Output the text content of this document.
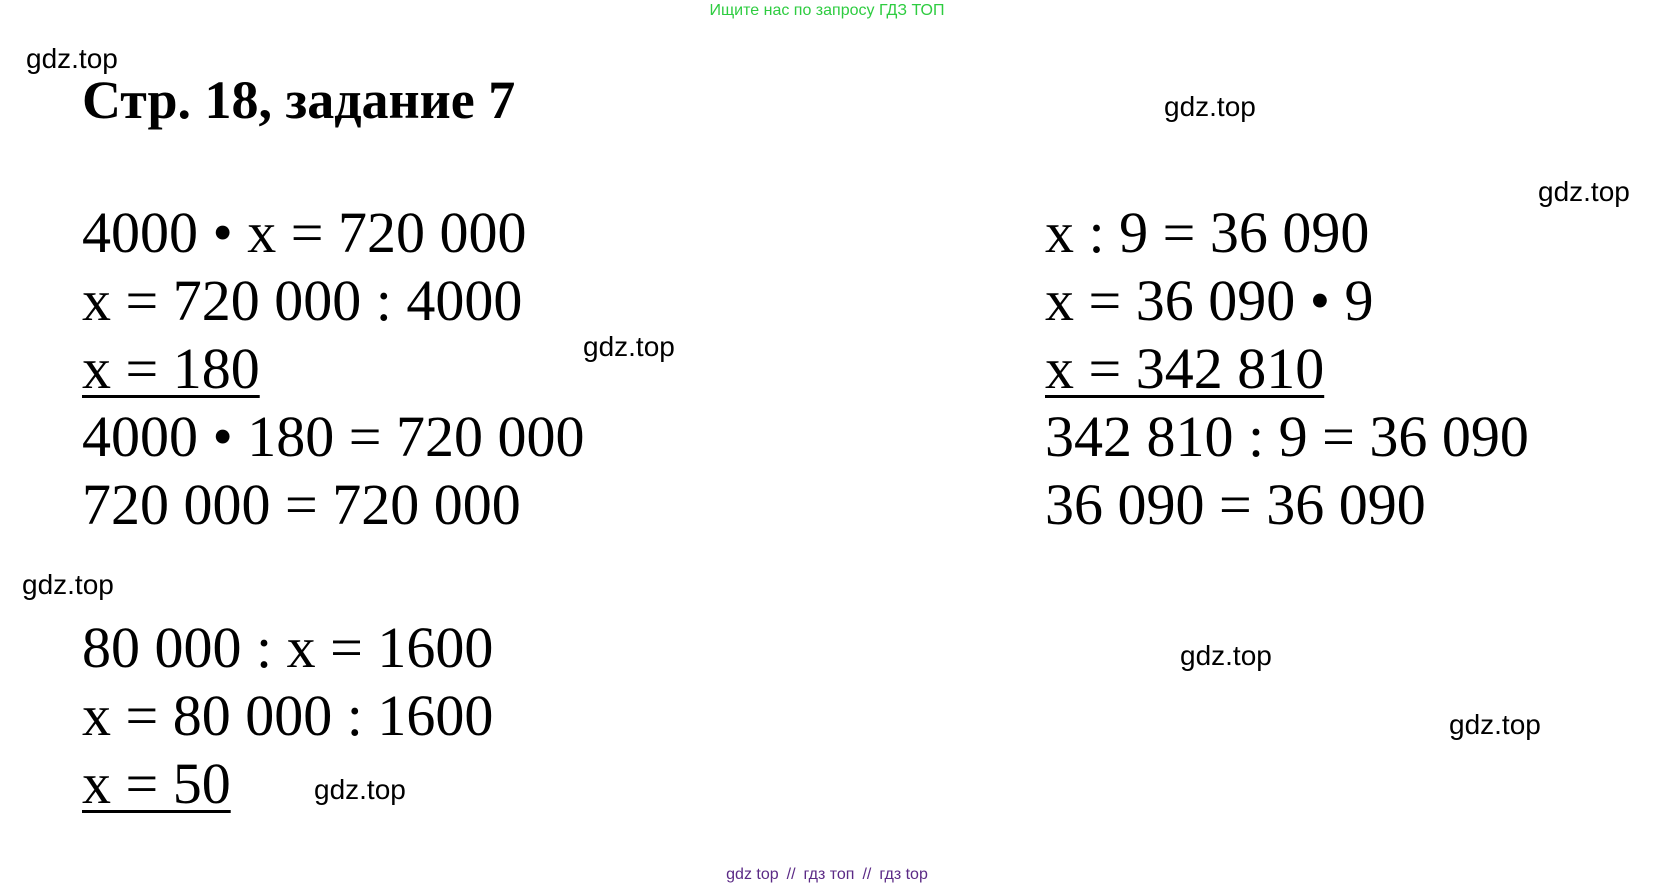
Ищите нас по запросу ГДЗ ТОП
Стр. 18, задание 7
4000 • x = 720 000
x = 720 000 : 4000
x = 180
4000 • 180 = 720 000
720 000 = 720 000
x : 9 = 36 090
x = 36 090 • 9
x = 342 810
342 810 : 9 = 36 090
36 090 = 36 090
80 000 : x = 1600
x = 80 000 : 1600
x = 50
gdz.top
gdz.top
gdz.top
gdz.top
gdz.top
gdz.top
gdz.top
gdz.top
gdz top // гдз топ // гдз top
